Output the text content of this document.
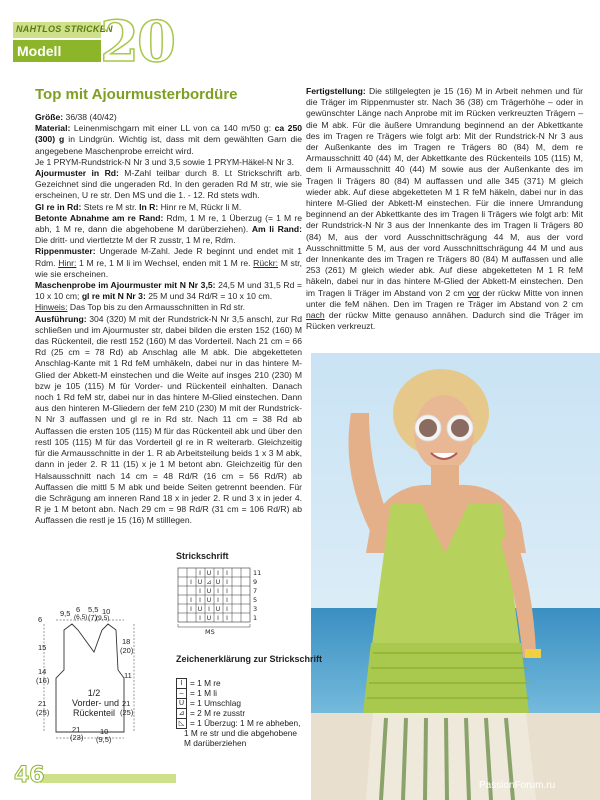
NAHTLOS STRICKEN
Modell 20
Top mit Ajourmusterbordüre

Größe: 36/38 (40/42)

Material: Leinenmischgarn mit einer LL von ca 140 m/50 g: ca 250 (300) g in Lindgrün. Wichtig ist, dass mit dem gewählten Garn die angegebene Maschenprobe erreicht wird.

Je 1 PRYM-Rundstrick-N Nr 3 und 3,5 sowie 1 PRYM-Häkel-N Nr 3.

Ajourmuster in Rd: M-Zahl teilbar durch 8. Lt Strickschrift arb. Gezeichnet sind die ungeraden Rd. In den geraden Rd M str, wie sie erscheinen, U re str. Den MS und die 1. - 12. Rd stets wdh.

Gl re in Rd: Stets re M str. In R: Hinr re M, Rückr li M.

Betonte Abnahme am re Rand: Rdm, 1 M re, 1 Überzug (= 1 M re abh, 1 M re, dann die abgehobene M darüberziehen). Am li Rand: Die dritt- und viertletzte M der R zusstr, 1 M re, Rdm.

Rippenmuster: Ungerade M-Zahl. Jede R beginnt und endet mit 1 Rdm. Hinr: 1 M re, 1 M li im Wechsel, enden mit 1 M re. Rückr: M str, wie sie erscheinen.

Maschenprobe im Ajourmuster mit N Nr 3,5: 24,5 M und 31,5 Rd = 10 x 10 cm; gl re mit N Nr 3: 25 M und 34 Rd/R = 10 x 10 cm.

Hinweis: Das Top bis zu den Armausschnitten in Rd str.

Ausführung: 304 (320) M mit der Rundstrick-N Nr 3,5 anschl, zur Rd schließen und im Ajourmuster str, dabei bilden die ersten 152 (160) M das Rückenteil, die restl 152 (160) M das Vorderteil. Nach 21 cm = 66 Rd (25 cm = 78 Rd) ab Anschlag alle M abk. Die abgeketteten Anschlag-Kante mit 1 Rd feM umhäkeln, dabei nur in das hintere M-Glied der Abkett-M einstechen und die Weite auf insges 210 (230) M bzw je 105 (115) M für Vorder- und Rückenteil einhalten. Danach noch 1 Rd feM str, dabei nur in das hintere M-Glied einstechen. Dann aus den hinteren M-Gliedern der feM 210 (230) M mit der Rundstrick-N Nr 3 auffassen und gl re in Rd str. Nach 11 cm = 38 Rd ab Auffassen die ersten 105 (115) M für das Rückenteil abk und über den restl 105 (115) M für das Vorderteil gl re in R weiterarb. Gleichzeitig für die Armausschnitte in der 1. R ab Arbeitsteilung beids 1 x 3 M abk, dann in jeder 2. R 11 (15) x je 1 M betont abn. Gleichzeitig für den Halsausschnitt nach 14 cm = 48 Rd/R (16 cm = 56 Rd/R) ab Auffassen die mittl 5 M abk und beide Seiten getrennt beenden. Für die Schrägung am inneren Rand 18 x in jeder 2. R und 3 x in jeder 4. R je 1 M betont abn. Nach 29 cm = 98 Rd/R (31 cm = 106 Rd/R) ab Auffassen die restl je 15 (16) M stilllegen.

Fertigstellung: Die stillgelegten je 15 (16) M in Arbeit nehmen und für die Träger im Rippenmuster str. Nach 36 (38) cm Trägerhöhe – oder in gewünschter Länge nach Anprobe mit im Rücken verkreuzten Trägern – die M abk. Für die äußere Umrandung beginnend an der Abkettkante des im Tragen re Trägers wie folgt arb: Mit der Rundstrick-N Nr 3 aus der Außenkante des im Tragen re Trägers 80 (84) M, dem re Armausschnitt 40 (44) M, der Abkettkante des Rückenteils 105 (115) M, dem li Armausschnitt 40 (44) M sowie aus der Außenkante des im Tragen li Trägers 80 (84) M auffassen und alle 345 (371) M gleich wieder abk. Auf diese abgeketteten M 1 R feM häkeln, dabei nur in das hintere M-Glied der Abkett-M einstechen. Für die innere Umrandung beginnend an der Abkettkante des im Tragen li Trägers wie folgt arb: Mit der Rundstrick-N Nr 3 aus der Innenkante des im Tragen li Trägers 80 (84) M, aus der vord Ausschnittschrägung 44 M, aus der vord Ausschnittmitte 5 M, aus der vord Ausschnittschrägung 44 M und aus der Innenkante des im Tragen re Trägers 80 (84) M auffassen und alle 253 (261) M gleich wieder abk. Auf diese abgeketteten M 1 R feM häkeln, dabei nur in das hintere M-Glied der Abkett-M einstechen. Den im Tragen li Träger im Abstand von 2 cm vor der rückw Mitte von innen unter die feM nähen. Den im Tragen re Träger im Abstand von 2 cm nach der rückw Mitte genauso annähen. Dadurch sind die Träger im Rücken verkreuzt.

Strickschrift
I U I I
I U ⊿ U I
I U I I
I I U I I
I U I U I
I U I I
11
9
7
5
3
1
MS
Zeichenerklärung zur Strickschrift
I = 1 M re
– = 1 M li
U = 1 Umschlag
⊿ = 2 M re zusstr
◺ = 1 Überzug: 1 M re abheben,
1 M re str und die abgehobene
M darüberziehen
6
9,5 6
(6,5)
5,5
(7)
10
(9,5)
15
14
(16)
21
(25)
18
(20)
11
21
(25)
1/2
Vorder- und
Rückenteil
21
(23)
10
(9,5)
46	PassionForum.ru
